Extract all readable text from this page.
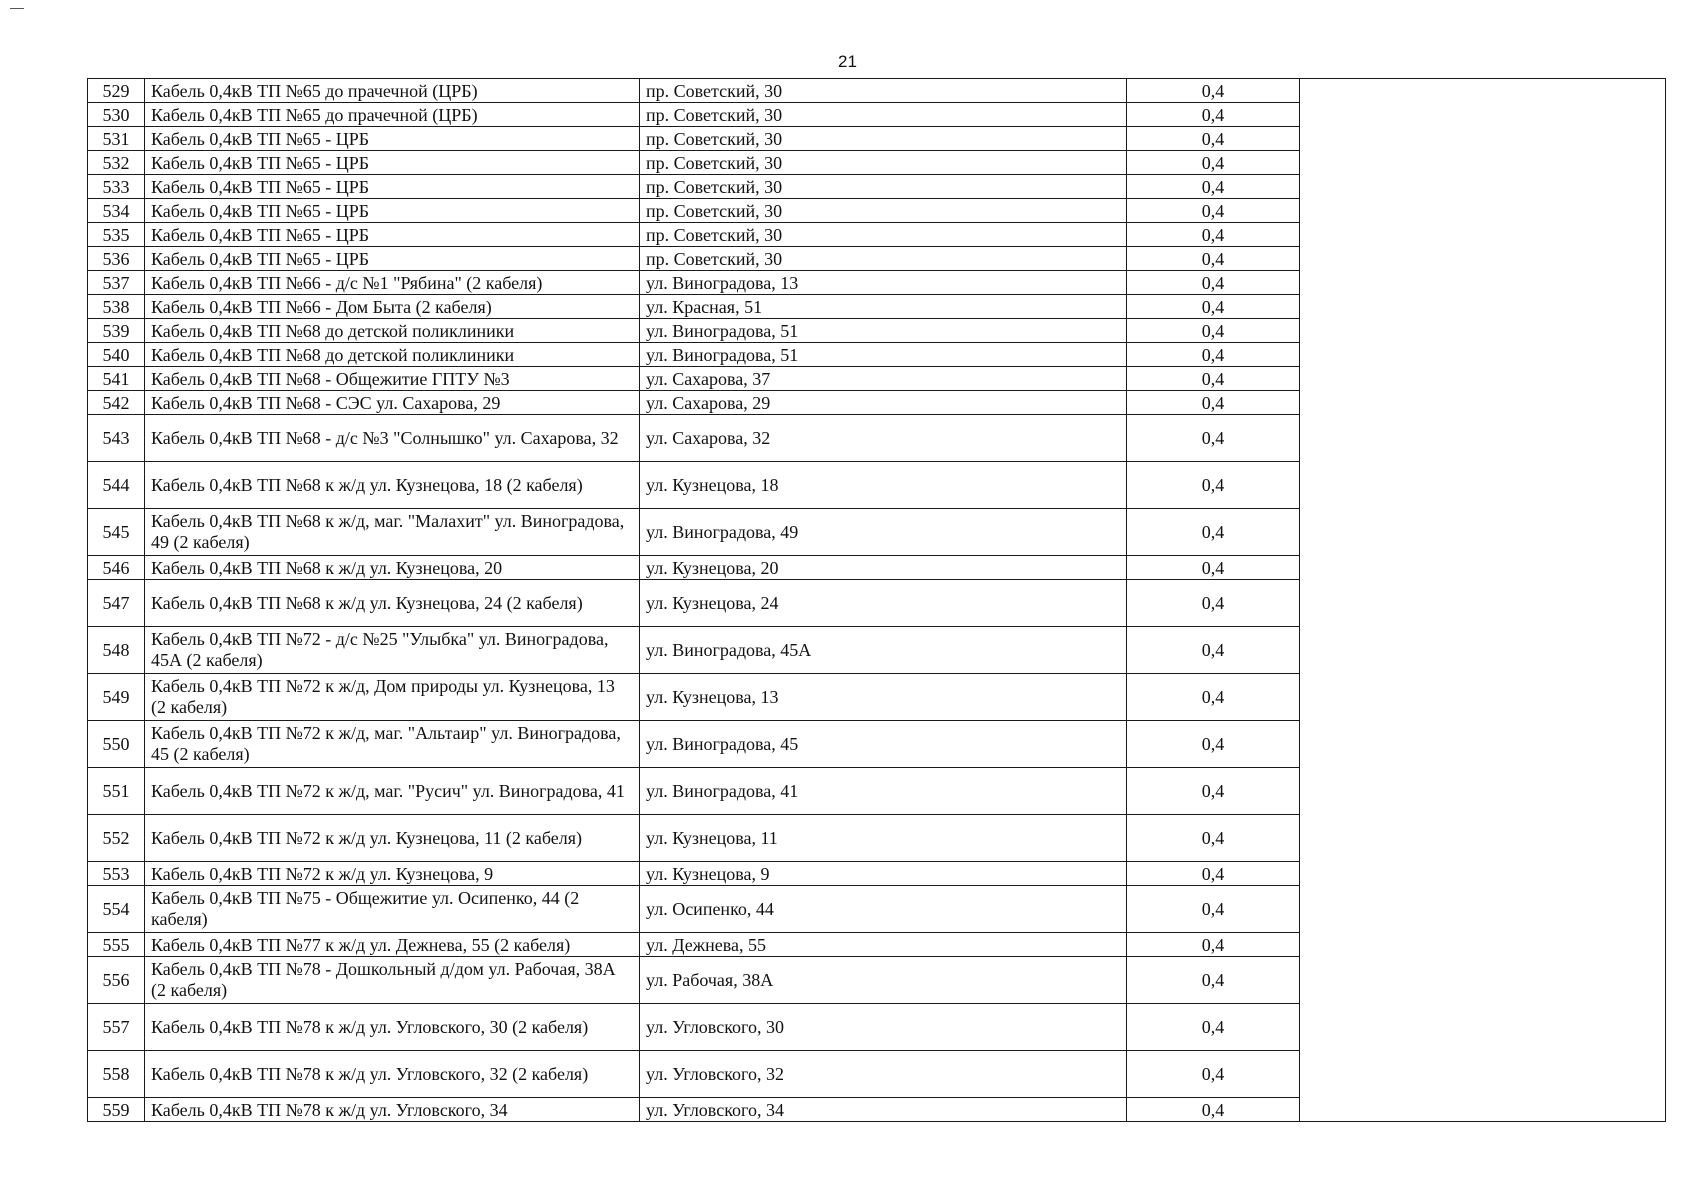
21
529	Кабель 0,4кВ ТП №65 до прачечной (ЦРБ)	пр. Советский, 30	0,4	
530	Кабель 0,4кВ ТП №65 до прачечной (ЦРБ)	пр. Советский, 30	0,4	
531	Кабель 0,4кВ ТП №65 - ЦРБ	пр. Советский, 30	0,4	
532	Кабель 0,4кВ ТП №65 - ЦРБ	пр. Советский, 30	0,4	
533	Кабель 0,4кВ ТП №65 - ЦРБ	пр. Советский, 30	0,4	
534	Кабель 0,4кВ ТП №65 - ЦРБ	пр. Советский, 30	0,4	
535	Кабель 0,4кВ ТП №65 - ЦРБ	пр. Советский, 30	0,4	
536	Кабель 0,4кВ ТП №65 - ЦРБ	пр. Советский, 30	0,4	
537	Кабель 0,4кВ ТП №66 - д/с №1 "Рябина" (2 кабеля)	ул. Виноградова, 13	0,4	
538	Кабель 0,4кВ ТП №66 - Дом Быта (2 кабеля)	ул. Красная, 51	0,4	
539	Кабель 0,4кВ ТП №68 до детской поликлиники	ул. Виноградова, 51	0,4	
540	Кабель 0,4кВ ТП №68 до детской поликлиники	ул. Виноградова, 51	0,4	
541	Кабель 0,4кВ ТП №68 - Общежитие ГПТУ №3	ул. Сахарова, 37	0,4	
542	Кабель 0,4кВ ТП №68 - СЭС ул. Сахарова, 29	ул. Сахарова, 29	0,4	
543	Кабель 0,4кВ ТП №68 - д/с №3 "Солнышко" ул. Сахарова, 32	ул. Сахарова, 32	0,4	
544	Кабель 0,4кВ ТП №68 к ж/д ул. Кузнецова, 18 (2 кабеля)	ул. Кузнецова, 18	0,4	
545	Кабель 0,4кВ ТП №68 к ж/д, маг. "Малахит" ул. Виноградова, 49 (2 кабеля)	ул. Виноградова, 49	0,4	
546	Кабель 0,4кВ ТП №68 к ж/д ул. Кузнецова, 20	ул. Кузнецова, 20	0,4	
547	Кабель 0,4кВ ТП №68 к ж/д ул. Кузнецова, 24 (2 кабеля)	ул. Кузнецова, 24	0,4	
548	Кабель 0,4кВ ТП №72 - д/с №25 "Улыбка" ул. Виноградова, 45А (2 кабеля)	ул. Виноградова, 45А	0,4	
549	Кабель 0,4кВ ТП №72 к ж/д, Дом природы ул. Кузнецова, 13 (2 кабеля)	ул. Кузнецова, 13	0,4	
550	Кабель 0,4кВ ТП №72 к ж/д, маг. "Альтаир" ул. Виноградова, 45 (2 кабеля)	ул. Виноградова, 45	0,4	
551	Кабель 0,4кВ ТП №72 к ж/д, маг. "Русич" ул. Виноградова, 41	ул. Виноградова, 41	0,4	
552	Кабель 0,4кВ ТП №72 к ж/д ул. Кузнецова, 11 (2 кабеля)	ул. Кузнецова, 11	0,4	
553	Кабель 0,4кВ ТП №72 к ж/д ул. Кузнецова, 9	ул. Кузнецова, 9	0,4	
554	Кабель 0,4кВ ТП №75 - Общежитие ул. Осипенко, 44 (2 кабеля)	ул. Осипенко, 44	0,4	
555	Кабель 0,4кВ ТП №77 к ж/д ул. Дежнева, 55 (2 кабеля)	ул. Дежнева, 55	0,4	
556	Кабель 0,4кВ ТП №78 - Дошкольный д/дом ул. Рабочая, 38А (2 кабеля)	ул. Рабочая, 38А	0,4	
557	Кабель 0,4кВ ТП №78 к ж/д ул. Угловского, 30 (2 кабеля)	ул. Угловского, 30	0,4	
558	Кабель 0,4кВ ТП №78 к ж/д ул. Угловского, 32 (2 кабеля)	ул. Угловского, 32	0,4	
559	Кабель 0,4кВ ТП №78 к ж/д ул. Угловского, 34	ул. Угловского, 34	0,4	
